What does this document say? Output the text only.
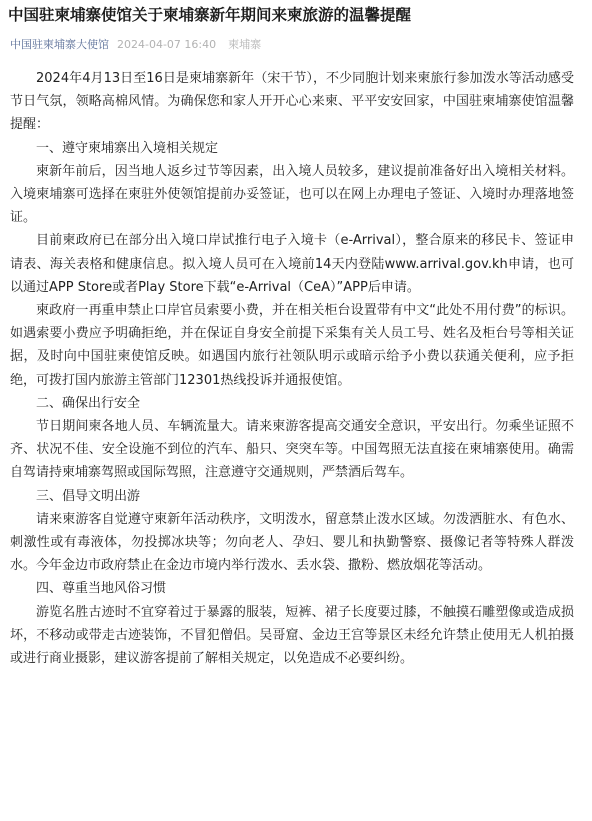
中国驻柬埔寨使馆关于柬埔寨新年期间来柬旅游的温馨提醒
中国驻柬埔寨大使馆 2024-04-07 16:40 柬埔寨

2024年4月13日至16日是柬埔寨新年（宋干节），不少同胞计划来柬旅行参加泼水等活动感受节日气氛，领略高棉风情。为确保您和家人开开心心来柬、平平安安回家，中国驻柬埔寨使馆温馨提醒：

一、遵守柬埔寨出入境相关规定

柬新年前后，因当地人返乡过节等因素，出入境人员较多，建议提前准备好出入境相关材料。入境柬埔寨可选择在柬驻外使领馆提前办妥签证，也可以在网上办理电子签证、入境时办理落地签证。

目前柬政府已在部分出入境口岸试推行电子入境卡（e-Arrival），整合原来的移民卡、签证申请表、海关表格和健康信息。拟入境人员可在入境前14天内登陆www.arrival.gov.kh申请，也可以通过APP Store或者Play Store下载“e-Arrival（CeA）”APP后申请。

柬政府一再重申禁止口岸官员索要小费，并在相关柜台设置带有中文“此处不用付费”的标识。如遇索要小费应予明确拒绝，并在保证自身安全前提下采集有关人员工号、姓名及柜台号等相关证据，及时向中国驻柬使馆反映。如遇国内旅行社领队明示或暗示给予小费以获通关便利，应予拒绝，可拨打国内旅游主管部门12301热线投诉并通报使馆。

二、确保出行安全

节日期间柬各地人员、车辆流量大。请来柬游客提高交通安全意识，平安出行。勿乘坐证照不齐、状况不佳、安全设施不到位的汽车、船只、突突车等。中国驾照无法直接在柬埔寨使用。确需自驾请持柬埔寨驾照或国际驾照，注意遵守交通规则，严禁酒后驾车。

三、倡导文明出游

请来柬游客自觉遵守柬新年活动秩序，文明泼水，留意禁止泼水区域。勿泼洒脏水、有色水、刺激性或有毒液体，勿投掷冰块等；勿向老人、孕妇、婴儿和执勤警察、摄像记者等特殊人群泼水。今年金边市政府禁止在金边市境内举行泼水、丢水袋、撒粉、燃放烟花等活动。

四、尊重当地风俗习惯

游览名胜古迹时不宜穿着过于暴露的服装，短裤、裙子长度要过膝，不触摸石雕塑像或造成损坏，不移动或带走古迹装饰，不冒犯僧侣。吴哥窟、金边王宫等景区未经允许禁止使用无人机拍摄或进行商业摄影，建议游客提前了解相关规定，以免造成不必要纠纷。
